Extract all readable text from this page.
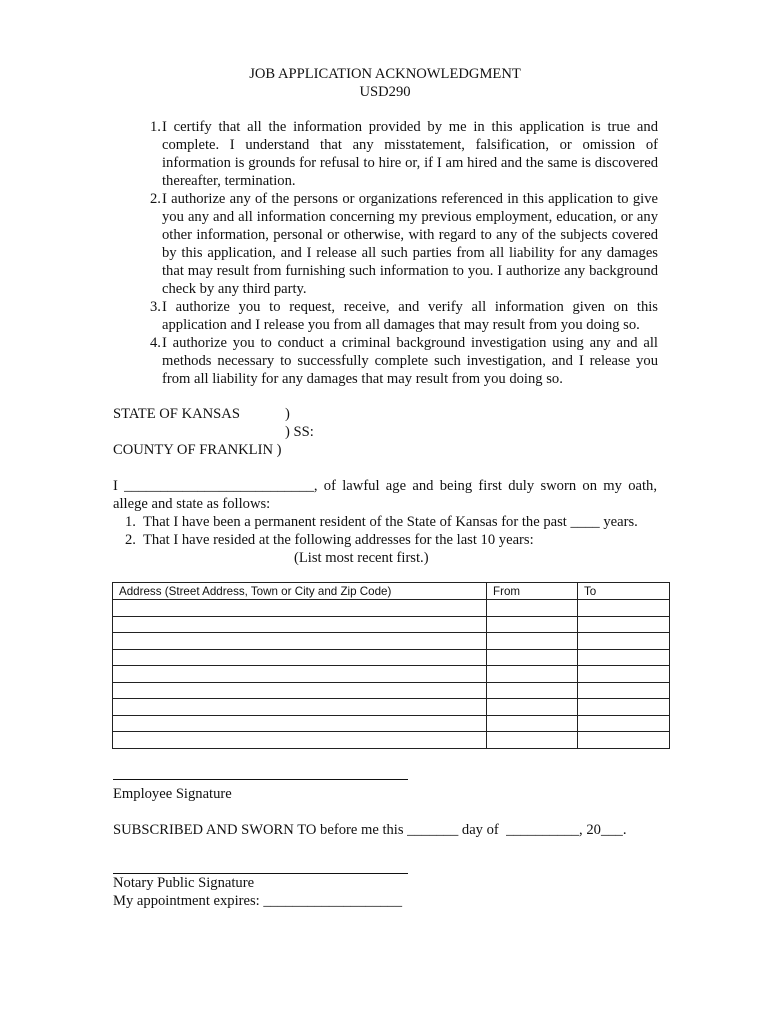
JOB APPLICATION ACKNOWLEDGMENT
USD290
1. I certify that all the information provided by me in this application is true and complete. I understand that any misstatement, falsification, or omission of information is grounds for refusal to hire or, if I am hired and the same is discovered thereafter, termination.
2. I authorize any of the persons or organizations referenced in this application to give you any and all information concerning my previous employment, education, or any other information, personal or otherwise, with regard to any of the subjects covered by this application, and I release all such parties from all liability for any damages that may result from furnishing such information to you. I authorize any background check by any third party.
3. I authorize you to request, receive, and verify all information given on this application and I release you from all damages that may result from you doing so.
4. I authorize you to conduct a criminal background investigation using any and all methods necessary to successfully complete such investigation, and I release you from all liability for any damages that may result from you doing so.
STATE OF KANSAS	)
) SS:
COUNTY OF FRANKLIN )
I __________________________, of lawful age and being first duly sworn on my oath,
allege and state as follows:
1.  That I have been a permanent resident of the State of Kansas for the past ____ years.
2.  That I have resided at the following addresses for the last 10 years:
(List most recent first.)
Address (Street Address, Town or City and Zip Code)	From	To

Employee Signature
SUBSCRIBED AND SWORN TO before me this _______ day of  __________, 20___.
Notary Public Signature
My appointment expires: ___________________
